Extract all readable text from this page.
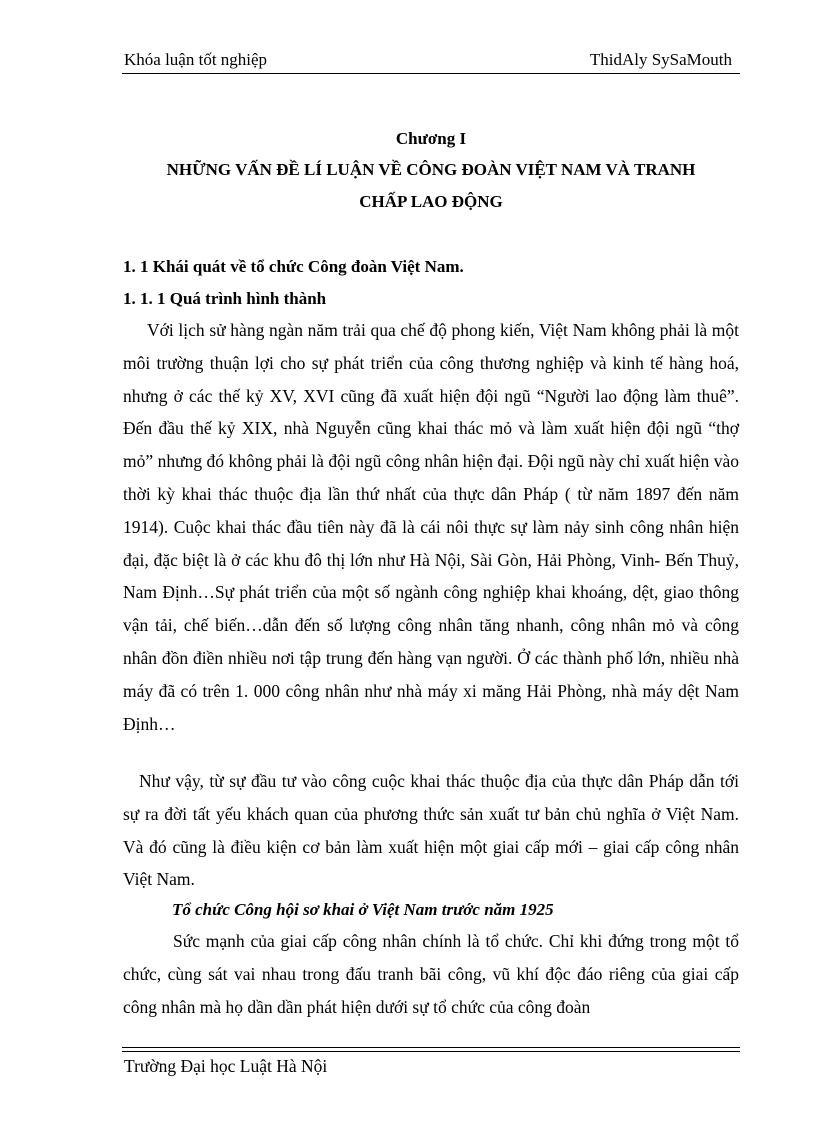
Khóa luận tốt nghiệp	ThidAly SySaMouth
Chương I
NHỮNG VẤN ĐỀ LÍ LUẬN VỀ CÔNG ĐOÀN VIỆT NAM VÀ TRANH
CHẤP LAO ĐỘNG
1. 1 Khái quát về tổ chức Công đoàn Việt Nam.
1. 1. 1 Quá trình hình thành

Với lịch sử hàng ngàn năm trải qua chế độ phong kiến, Việt Nam không phải là một môi trường thuận lợi cho sự phát triển của công thương nghiệp và kinh tế hàng hoá, nhưng ở các thế kỷ XV, XVI cũng đã xuất hiện đội ngũ “Người lao động làm thuê”. Đến đầu thế kỷ XIX, nhà Nguyễn cũng khai thác mỏ và làm xuất hiện đội ngũ “thợ mỏ” nhưng đó không phải là đội ngũ công nhân hiện đại. Đội ngũ này chỉ xuất hiện vào thời kỳ khai thác thuộc địa lần thứ nhất của thực dân Pháp ( từ năm 1897 đến năm 1914). Cuộc khai thác đầu tiên này đã là cái nôi thực sự làm nảy sinh công nhân hiện đại, đặc biệt là ở các khu đô thị lớn như Hà Nội, Sài Gòn, Hải Phòng, Vinh- Bến Thuỷ, Nam Định…Sự phát triển của một số ngành công nghiệp khai khoáng, dệt, giao thông vận tải, chế biến…dẫn đến số lượng công nhân tăng nhanh, công nhân mỏ và công nhân đồn điền nhiều nơi tập trung đến hàng vạn người. Ở các thành phố lớn, nhiều nhà máy đã có trên 1. 000 công nhân như nhà máy xi măng Hải Phòng, nhà máy dệt Nam Định…

Như vậy, từ sự đầu tư vào công cuộc khai thác thuộc địa của thực dân Pháp dẫn tới sự ra đời tất yếu khách quan của phương thức sản xuất tư bản chủ nghĩa ở Việt Nam. Và đó cũng là điều kiện cơ bản làm xuất hiện một giai cấp mới – giai cấp công nhân Việt Nam.

Tổ chức Công hội sơ khai ở Việt Nam trước năm 1925

Sức mạnh của giai cấp công nhân chính là tổ chức. Chỉ khi đứng trong một tổ chức, cùng sát vai nhau trong đấu tranh bãi công, vũ khí độc đáo riêng của giai cấp công nhân mà họ dần dần phát hiện dưới sự tổ chức của công đoàn

Trường Đại học Luật Hà Nội
